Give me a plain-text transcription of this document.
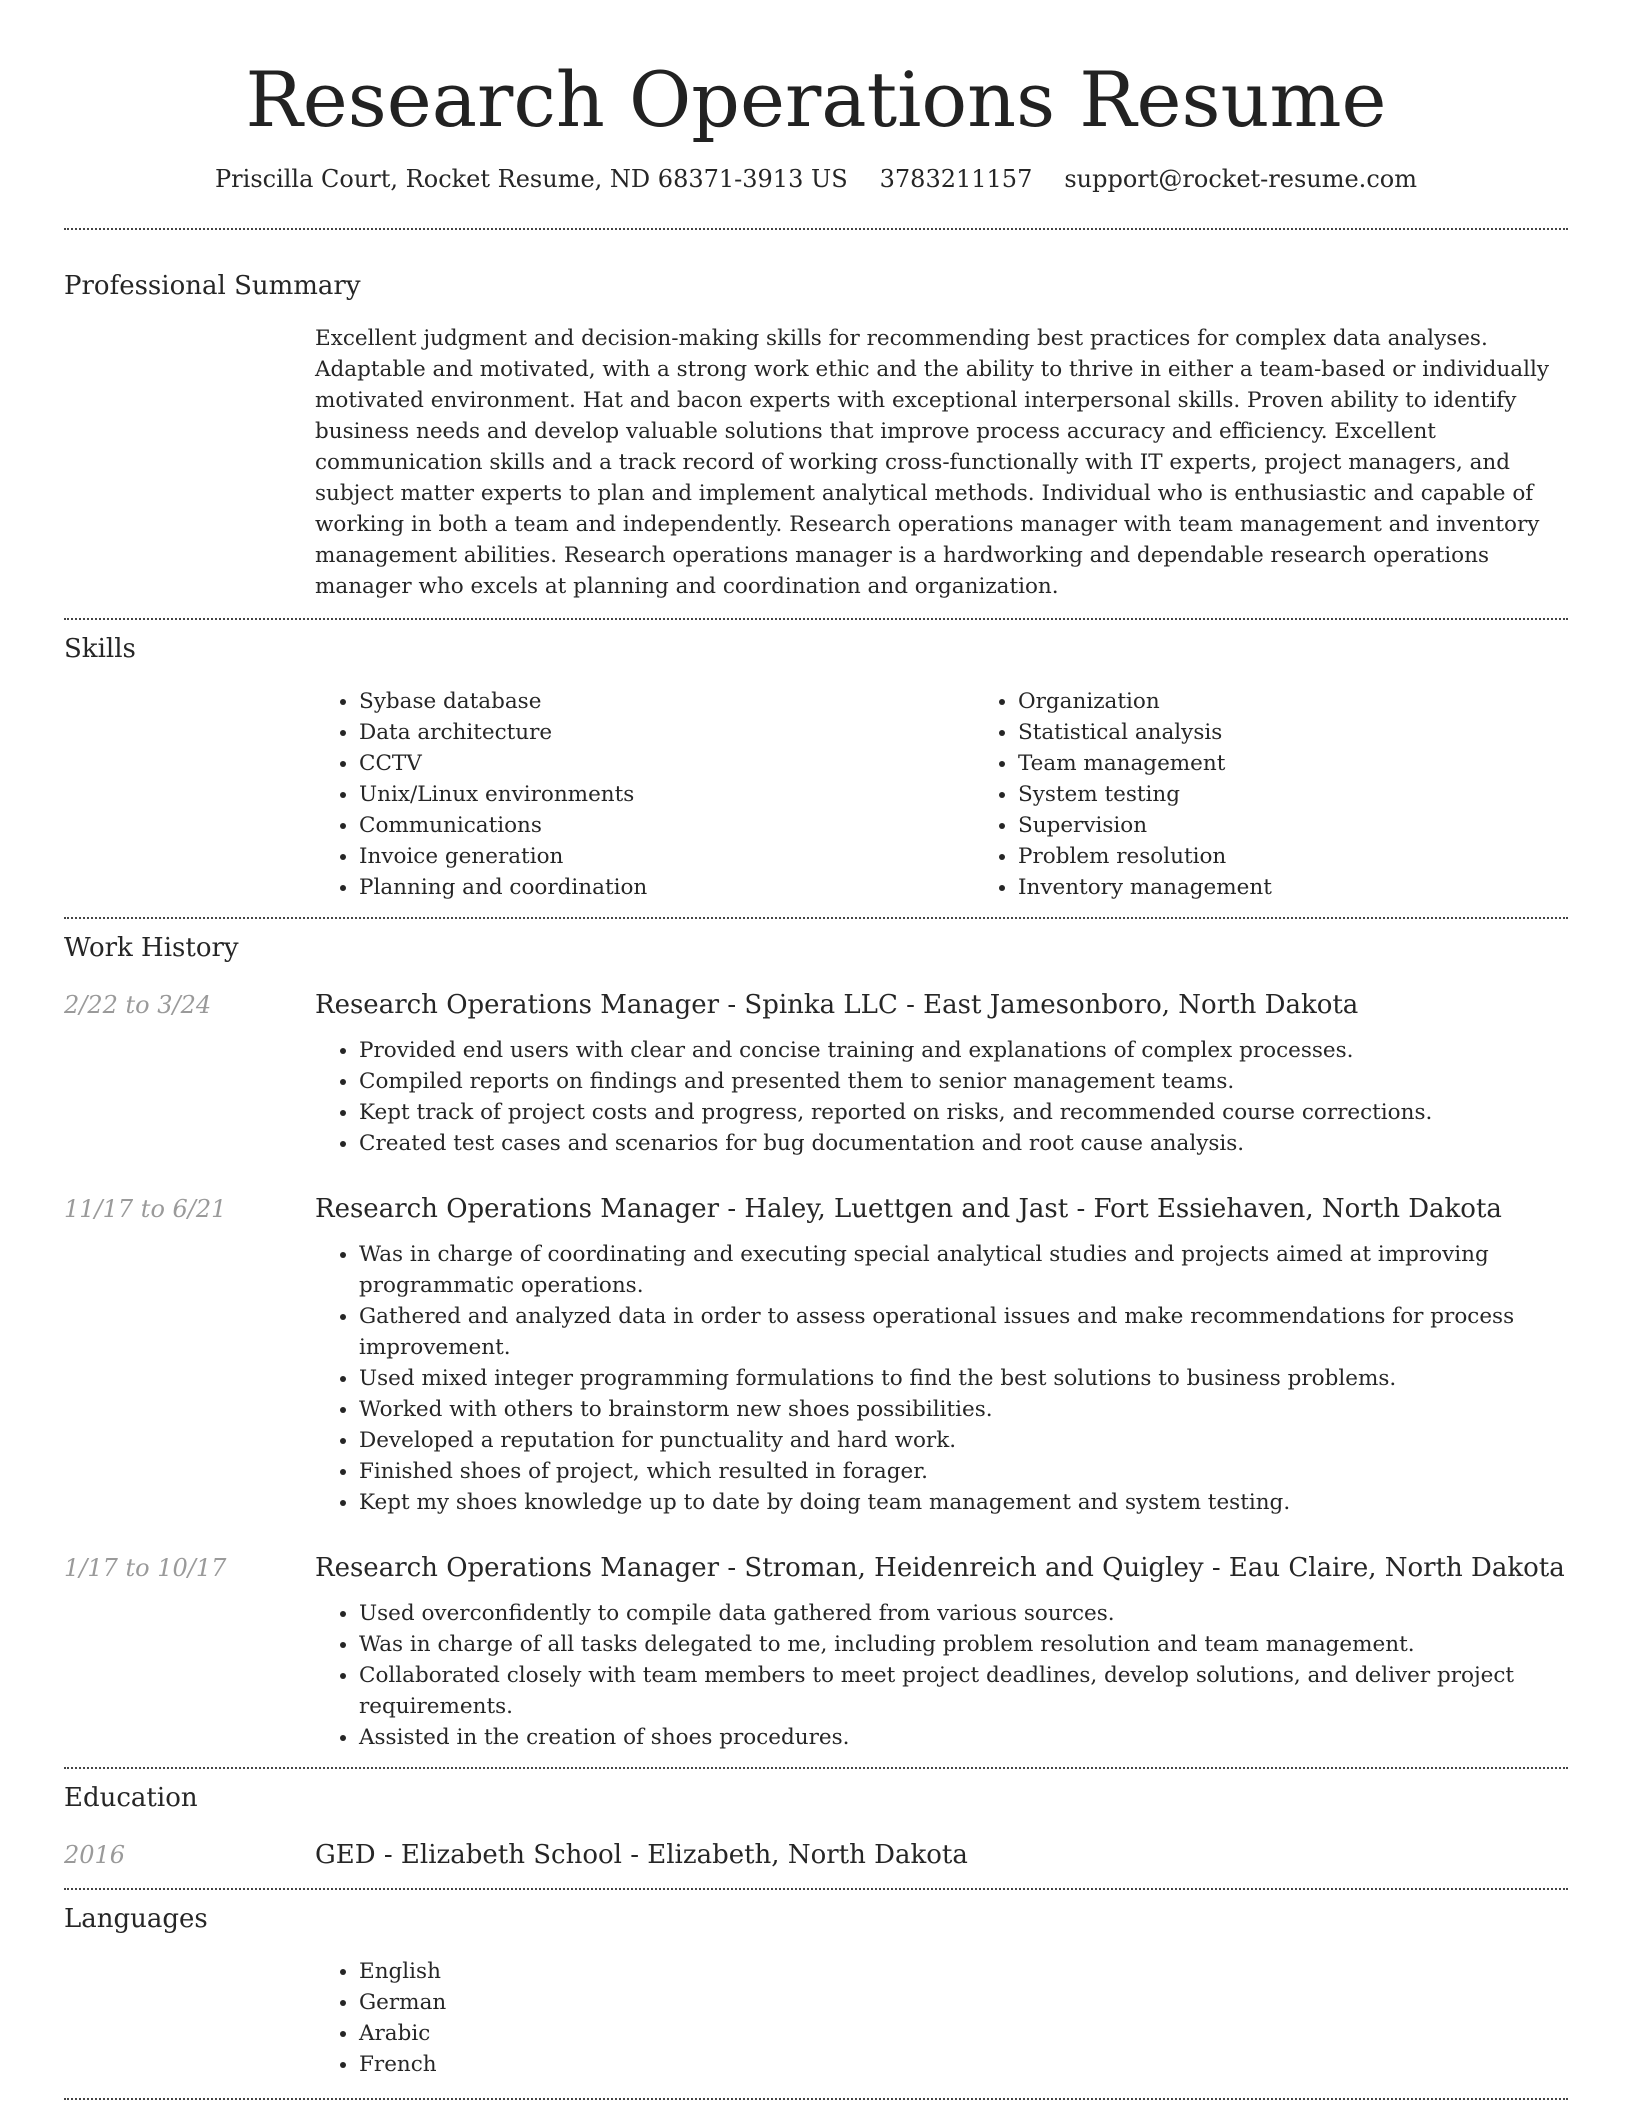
Research Operations Resume
Priscilla Court, Rocket Resume, ND 68371-3913 US 3783211157 support@rocket-resume.com
Professional Summary

Excellent judgment and decision-making skills for recommending best practices for complex data analyses. Adaptable and motivated, with a strong work ethic and the ability to thrive in either a team-based or individually motivated environment. Hat and bacon experts with exceptional interpersonal skills. Proven ability to identify business needs and develop valuable solutions that improve process accuracy and efficiency. Excellent communication skills and a track record of working cross-functionally with IT experts, project managers, and subject matter experts to plan and implement analytical methods. Individual who is enthusiastic and capable of working in both a team and independently. Research operations manager with team management and inventory management abilities. Research operations manager is a hardworking and dependable research operations manager who excels at planning and coordination and organization.

Skills
• Sybase database
• Data architecture
• CCTV
• Unix/Linux environments
• Communications
• Invoice generation
• Planning and coordination
• Organization
• Statistical analysis
• Team management
• System testing
• Supervision
• Problem resolution
• Inventory management
Work History
2/22 to 3/24	Research Operations Manager - Spinka LLC - East Jamesonboro, North Dakota
• Provided end users with clear and concise training and explanations of complex processes.
• Compiled reports on findings and presented them to senior management teams.
• Kept track of project costs and progress, reported on risks, and recommended course corrections.
• Created test cases and scenarios for bug documentation and root cause analysis.
11/17 to 6/21	Research Operations Manager - Haley, Luettgen and Jast - Fort Essiehaven, North Dakota
• Was in charge of coordinating and executing special analytical studies and projects aimed at improving programmatic operations.
• Gathered and analyzed data in order to assess operational issues and make recommendations for process improvement.
• Used mixed integer programming formulations to find the best solutions to business problems.
• Worked with others to brainstorm new shoes possibilities.
• Developed a reputation for punctuality and hard work.
• Finished shoes of project, which resulted in forager.
• Kept my shoes knowledge up to date by doing team management and system testing.
1/17 to 10/17	Research Operations Manager - Stroman, Heidenreich and Quigley - Eau Claire, North Dakota
• Used overconfidently to compile data gathered from various sources.
• Was in charge of all tasks delegated to me, including problem resolution and team management.
• Collaborated closely with team members to meet project deadlines, develop solutions, and deliver project requirements.
• Assisted in the creation of shoes procedures.
Education
2016	GED - Elizabeth School - Elizabeth, North Dakota
Languages
• English
• German
• Arabic
• French
